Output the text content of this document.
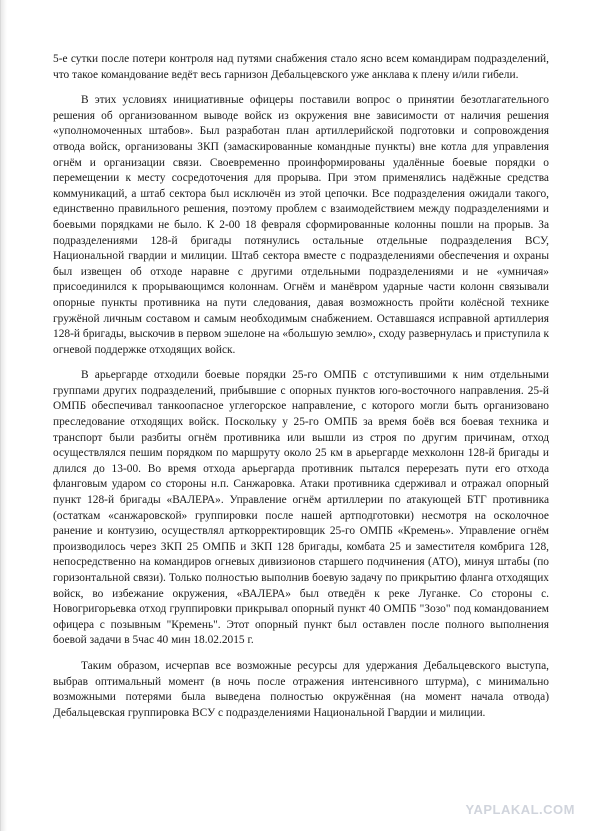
5-е сутки после потери контроля над путями снабжения стало ясно всем командирам подразделений, что такое командование ведёт весь гарнизон Дебальцевского уже анклава к плену и/или гибели.

В этих условиях инициативные офицеры поставили вопрос о принятии безотлагательного решения об организованном выводе войск из окружения вне зависимости от наличия решения «уполномоченных штабов». Был разработан план артиллерийской подготовки и сопровождения отвода войск, организованы ЗКП (замаскированные командные пункты) вне котла для управления огнём и организации связи. Своевременно проинформированы удалённые боевые порядки о перемещении к месту сосредоточения для прорыва. При этом применялись надёжные средства коммуникаций, а штаб сектора был исключён из этой цепочки. Все подразделения ожидали такого, единственно правильного решения, поэтому проблем с взаимодействием между подразделениями и боевыми порядками не было. К 2-00 18 февраля сформированные колонны пошли на прорыв. За подразделениями 128-й бригады потянулись остальные отдельные подразделения ВСУ, Национальной гвардии и милиции. Штаб сектора вместе с подразделениями обеспечения и охраны был извещен об отходе наравне с другими отдельными подразделениями и не «умничая» присоединился к прорывающимся колоннам. Огнём и манёвром ударные части колонн связывали опорные пункты противника на пути следования, давая возможность пройти колёсной технике гружёной личным составом и самым необходимым снабжением. Оставшаяся исправной артиллерия 128-й бригады, выскочив в первом эшелоне на «большую землю», сходу развернулась и приступила к огневой поддержке отходящих войск.

В арьергарде отходили боевые порядки 25-го ОМПБ с отступившими к ним отдельными группами других подразделений, прибывшие с опорных пунктов юго-восточного направления. 25-й ОМПБ обеспечивал танкоопасное углегорское направление, с которого могли быть организовано преследование отходящих войск. Поскольку у 25-го ОМПБ за время боёв вся боевая техника и транспорт были разбиты огнём противника или вышли из строя по другим причинам, отход осуществлялся пешим порядком по маршруту около 25 км в арьергарде мехколонн 128-й бригады и длился до 13-00. Во время отхода арьергарда противник пытался перерезать пути его отхода фланговым ударом со стороны н.п. Санжаровка. Атаки противника сдерживал и отражал опорный пункт 128-й бригады «ВАЛЕРА». Управление огнём артиллерии по атакующей БТГ противника (остаткам «санжаровской» группировки после нашей артподготовки) несмотря на осколочное ранение и контузию, осуществлял арткорректировщик 25-го ОМПБ «Кремень». Управление огнём производилось через ЗКП 25 ОМПБ и ЗКП 128 бригады, комбата 25 и заместителя комбрига 128, непосредственно на командиров огневых дивизионов старшего подчинения (АТО), минуя штабы (по горизонтальной связи). Только полностью выполнив боевую задачу по прикрытию фланга отходящих войск, во избежание окружения, «ВАЛЕРА» был отведён к реке Луганке. Со стороны с. Новогригорьевка отход группировки прикрывал опорный пункт 40 ОМПБ "Зозо" под командованием офицера с позывным "Кремень". Этот опорный пункт был оставлен после полного выполнения боевой задачи в 5час 40 мин 18.02.2015 г.

Таким образом, исчерпав все возможные ресурсы для удержания Дебальцевского выступа, выбрав оптимальный момент (в ночь после отражения интенсивного штурма), с минимально возможными потерями была выведена полностью окружённая (на момент начала отвода) Дебальцевская группировка ВСУ с подразделениями Национальной Гвардии и милиции.

YAPLAKAL.COM
